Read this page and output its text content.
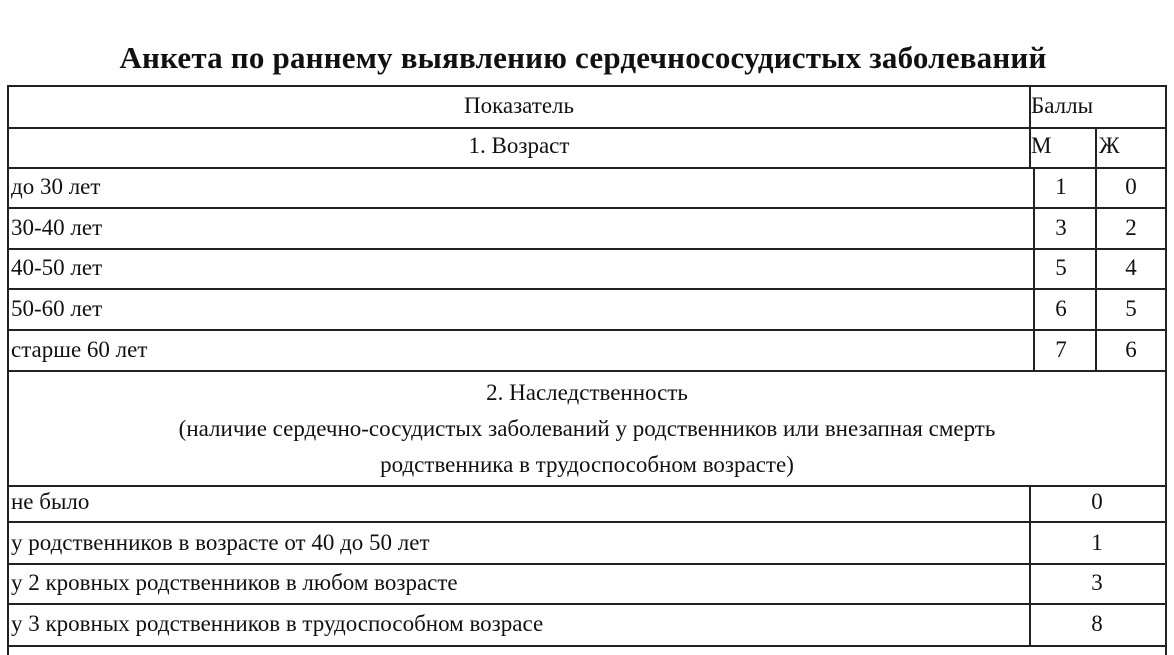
Анкета по раннему выявлению сердечнососудистых заболеваний
Показатель	Баллы
1. Возраст	М Ж
до 30 лет	1	0
30-40 лет	3	2
40-50 лет	5	4
50-60 лет	6	5
старше 60 лет	7	6
2. Наследственность
(наличие сердечно-сосудистых заболеваний у родственников или внезапная смерть
родственника в трудоспособном возрасте)
не было	0
у родственников в возрасте от 40 до 50 лет	1
у 2 кровных родственников в любом возрасте	3
у 3 кровных родственников в трудоспособном возрасе	8
